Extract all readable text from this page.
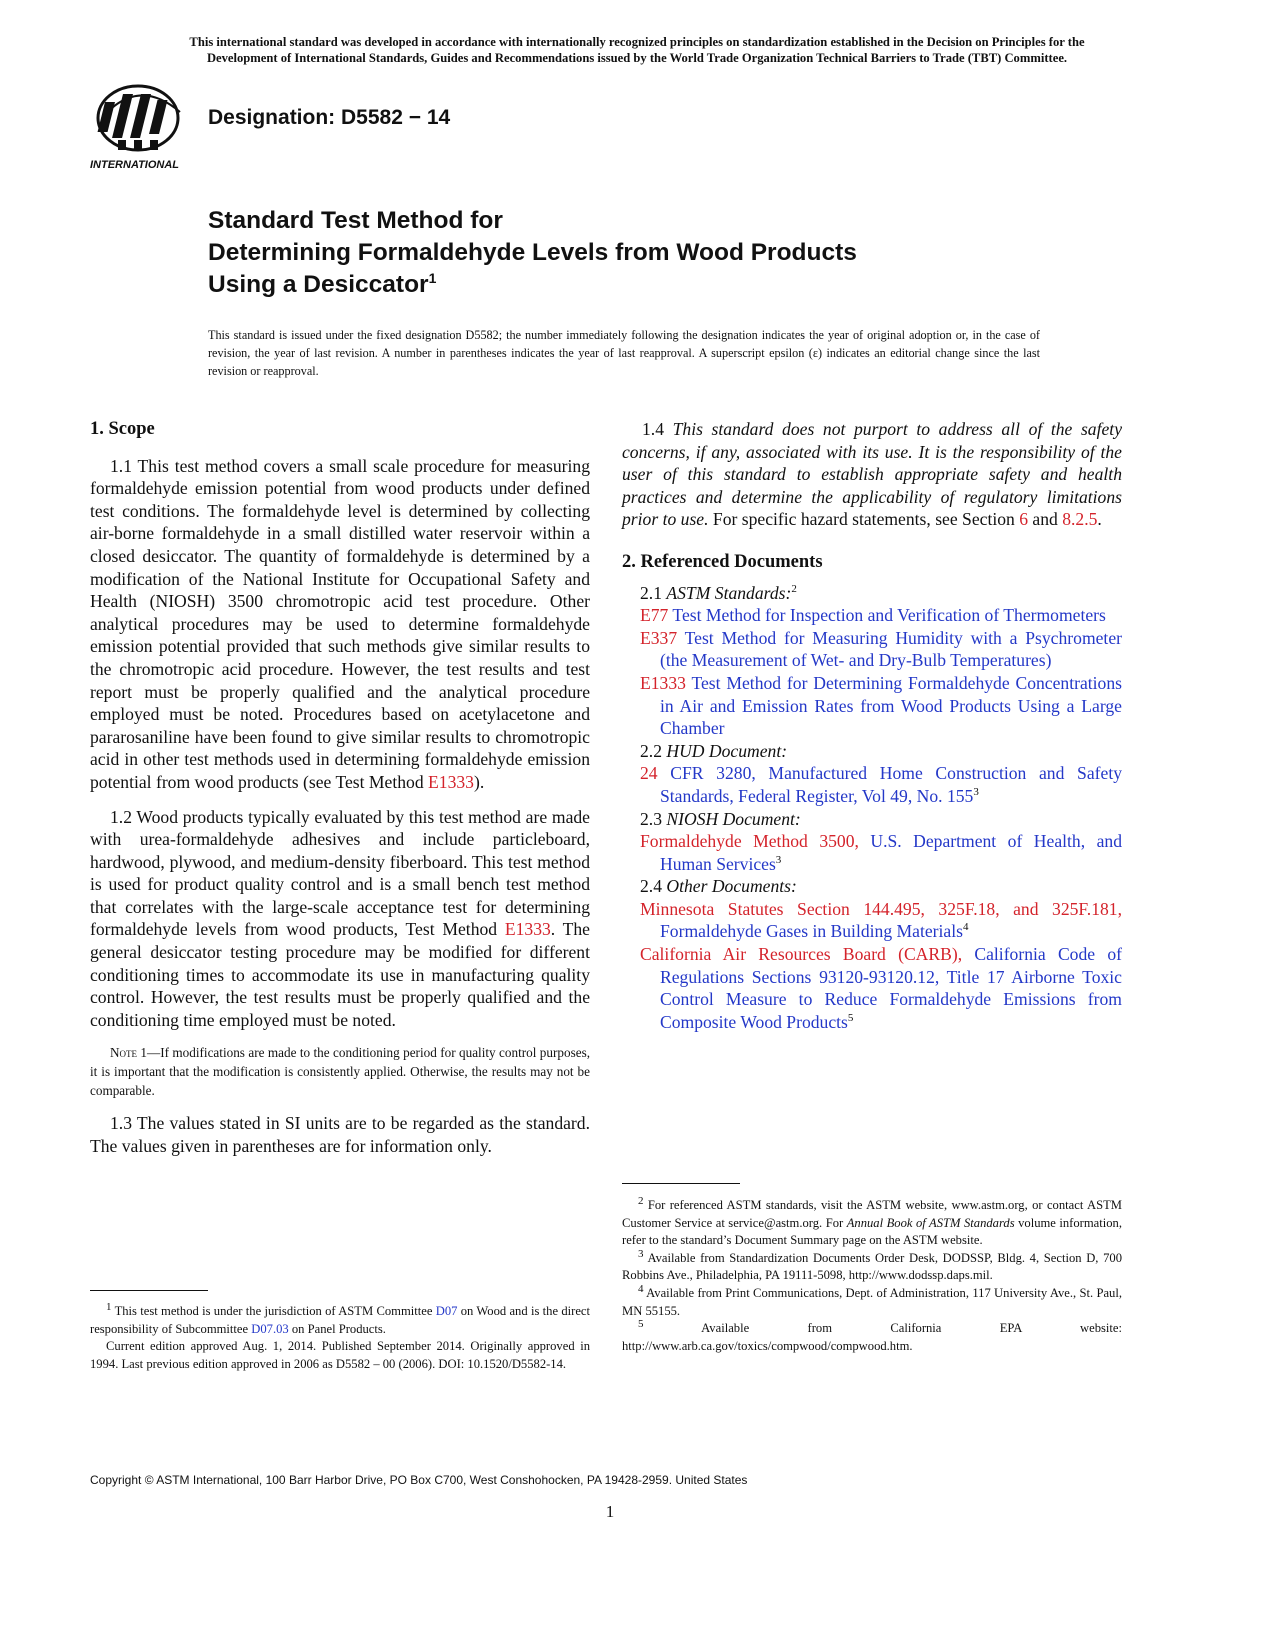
This international standard was developed in accordance with internationally recognized principles on standardization established in the Decision on Principles for the
Development of International Standards, Guides and Recommendations issued by the World Trade Organization Technical Barriers to Trade (TBT) Committee.
INTERNATIONAL
Designation: D5582 − 14
Standard Test Method for
Determining Formaldehyde Levels from Wood Products
Using a Desiccator$^1$
This standard is issued under the fixed designation D5582; the number immediately following the designation indicates the year of original adoption or, in the case of revision, the year of last revision. A number in parentheses indicates the year of last reapproval. A superscript epsilon (ε) indicates an editorial change since the last revision or reapproval.
1. Scope

1.1 This test method covers a small scale procedure for measuring formaldehyde emission potential from wood products under defined test conditions. The formaldehyde level is determined by collecting air-borne formaldehyde in a small distilled water reservoir within a closed desiccator. The quantity of formaldehyde is determined by a modification of the National Institute for Occupational Safety and Health (NIOSH) 3500 chromotropic acid test procedure. Other analytical procedures may be used to determine formaldehyde emission potential provided that such methods give similar results to the chromotropic acid procedure. However, the test results and test report must be properly qualified and the analytical procedure employed must be noted. Procedures based on acetylacetone and pararosaniline have been found to give similar results to chromotropic acid in other test methods used in determining formaldehyde emission potential from wood products (see Test Method E1333).

1.2 Wood products typically evaluated by this test method are made with urea-formaldehyde adhesives and include particleboard, hardwood, plywood, and medium-density fiberboard. This test method is used for product quality control and is a small bench test method that correlates with the large-scale acceptance test for determining formaldehyde levels from wood products, Test Method E1333. The general desiccator testing procedure may be modified for different conditioning times to accommodate its use in manufacturing quality control. However, the test results must be properly qualified and the conditioning time employed must be noted.

Note 1—If modifications are made to the conditioning period for quality control purposes, it is important that the modification is consistently applied. Otherwise, the results may not be comparable.

1.3 The values stated in SI units are to be regarded as the standard. The values given in parentheses are for information only.

$^1$ This test method is under the jurisdiction of ASTM Committee D07 on Wood and is the direct responsibility of Subcommittee D07.03 on Panel Products.

Current edition approved Aug. 1, 2014. Published September 2014. Originally approved in 1994. Last previous edition approved in 2006 as D5582 – 00 (2006). DOI: 10.1520/D5582-14.

1.4 This standard does not purport to address all of the safety concerns, if any, associated with its use. It is the responsibility of the user of this standard to establish appropriate safety and health practices and determine the applicability of regulatory limitations prior to use. For specific hazard statements, see Section 6 and 8.2.5.

2. Referenced Documents

2.1 ASTM Standards:$^2$

E77 Test Method for Inspection and Verification of Thermometers

E337 Test Method for Measuring Humidity with a Psychrometer (the Measurement of Wet- and Dry-Bulb Temperatures)

E1333 Test Method for Determining Formaldehyde Concentrations in Air and Emission Rates from Wood Products Using a Large Chamber

2.2 HUD Document:

24 CFR 3280, Manufactured Home Construction and Safety Standards, Federal Register, Vol 49, No. 155$^3$

2.3 NIOSH Document:

Formaldehyde Method 3500, U.S. Department of Health, and Human Services$^3$

2.4 Other Documents:

Minnesota Statutes Section 144.495, 325F.18, and 325F.181, Formaldehyde Gases in Building Materials$^4$

California Air Resources Board (CARB), California Code of Regulations Sections 93120-93120.12, Title 17 Airborne Toxic Control Measure to Reduce Formaldehyde Emissions from Composite Wood Products$^5$

$^2$ For referenced ASTM standards, visit the ASTM website, www.astm.org, or contact ASTM Customer Service at service@astm.org. For Annual Book of ASTM Standards volume information, refer to the standard’s Document Summary page on the ASTM website.

$^3$ Available from Standardization Documents Order Desk, DODSSP, Bldg. 4, Section D, 700 Robbins Ave., Philadelphia, PA 19111-5098, http://www.dodssp.daps.mil.

$^4$ Available from Print Communications, Dept. of Administration, 117 University Ave., St. Paul, MN 55155.

$^5$ Available from California EPA website: http://www.arb.ca.gov/toxics/compwood/compwood.htm.

Copyright © ASTM International, 100 Barr Harbor Drive, PO Box C700, West Conshohocken, PA 19428-2959. United States
1
